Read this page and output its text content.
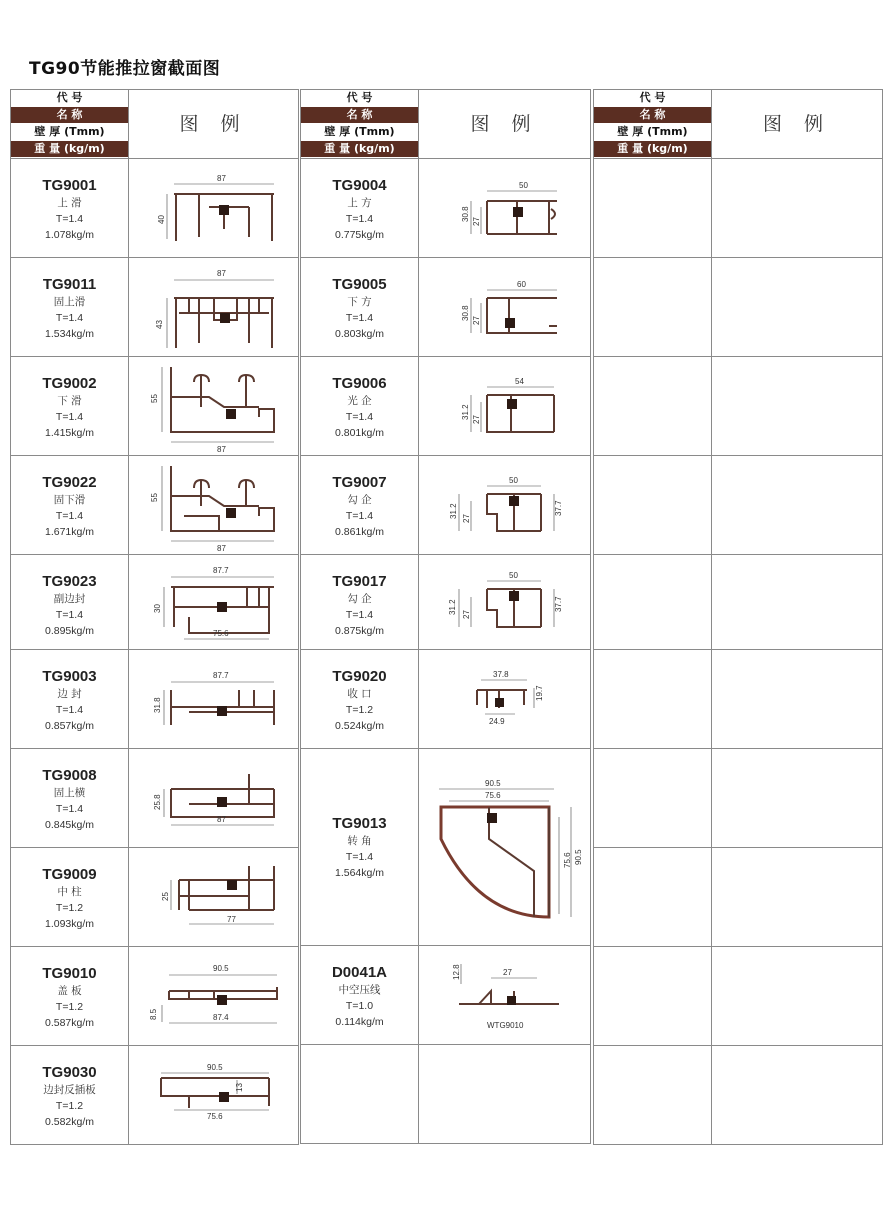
TG90节能推拉窗截面图
代 号
名 称
壁 厚 (Tmm)
重 量 (kg/m)
图 例
TG9001
上 滑
T=1.4
1.078kg/m
87
40
TG9011
固上滑
T=1.4
1.534kg/m
87
43
TG9002
下 滑
T=1.4
1.415kg/m
55
87
TG9022
固下滑
T=1.4
1.671kg/m
55
87
TG9023
副边封
T=1.4
0.895kg/m
87.7
30
75.6
TG9003
边 封
T=1.4
0.857kg/m
87.7
31.8
TG9008
固上横
T=1.4
0.845kg/m
25.8
87
TG9009
中 柱
T=1.2
1.093kg/m
25
77
TG9010
盖 板
T=1.2
0.587kg/m
90.5
8.5	87.4
TG9030
边封反插板
T=1.2
0.582kg/m
90.5
13
75.6
代 号
名 称
壁 厚 (Tmm)
重 量 (kg/m)
图 例
TG9004
上 方
T=1.4
0.775kg/m
50
30.8 27
TG9005
下 方
T=1.4
0.803kg/m
60
30.8 27
TG9006
光 企
T=1.4
0.801kg/m
54
31.2 27
TG9007
勾 企
T=1.4
0.861kg/m
50
31.2 27
37.7
TG9017
勾 企
T=1.4
0.875kg/m
50
31.2 27
37.7
TG9020
收 口
T=1.2
0.524kg/m
37.8
19.7
24.9
TG9013
转 角
T=1.4
1.564kg/m
90.5
75.6
75.6 90.5
D0041A
中空压线
T=1.0
0.114kg/m
12.8	27
WTG9010
代 号
名 称
壁 厚 (Tmm)
重 量 (kg/m)
图 例
